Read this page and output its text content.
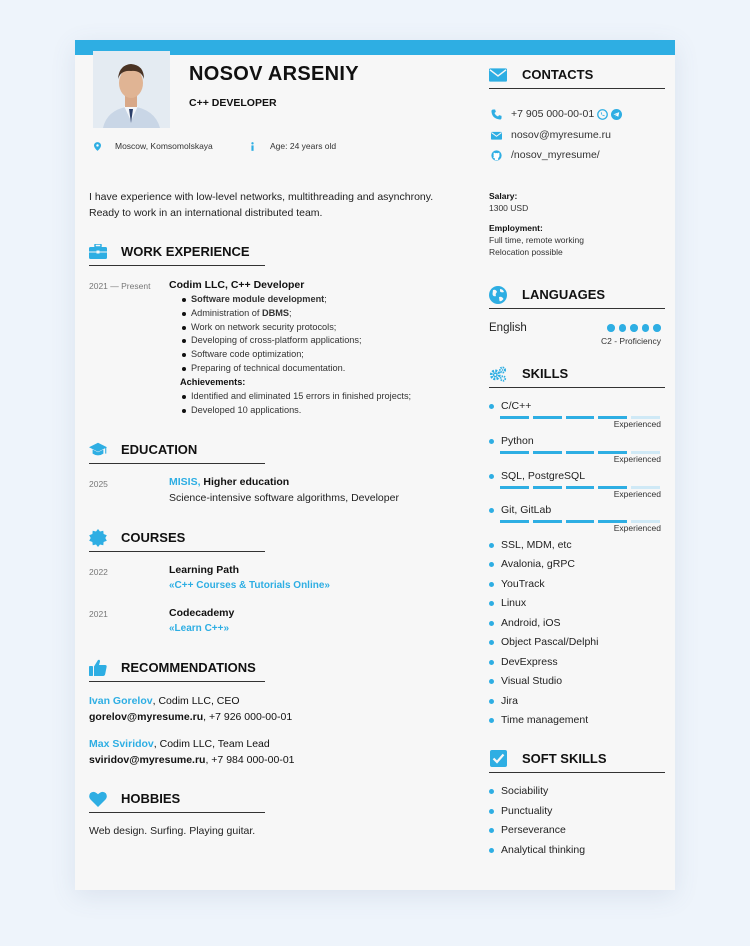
NOSOV ARSENIY
C++ DEVELOPER
Moscow, Komsomolskaya	Age: 24 years old
I have experience with low-level networks, multithreading and asynchrony. Ready to work in an international distributed team.
WORK EXPERIENCE
2021 — Present Codim LLC, C++ Developer
Software module development;
Administration of DBMS;
Work on network security protocols;
Developing of cross-platform applications;
Software code optimization;
Preparing of technical documentation.
Achievements:
Identified and eliminated 15 errors in finished projects;
Developed 10 applications.
EDUCATION
2025	MISIS, Higher education
Science-intensive software algorithms, Developer
COURSES
2022	Learning Path
«C++ Courses & Tutorials Online»
2021	Codecademy
«Learn C++»
RECOMMENDATIONS
Ivan Gorelov, Codim LLC, CEO
gorelov@myresume.ru, +7 926 000-00-01
Max Sviridov, Codim LLC, Team Lead
sviridov@myresume.ru, +7 984 000-00-01
HOBBIES
Web design. Surfing. Playing guitar.
CONTACTS
+7 905 000-00-01
nosov@myresume.ru
/nosov_myresume/
Salary:
1300 USD
Employment:
Full time, remote working
Relocation possible
LANGUAGES
English
C2 - Proficiency
SKILLS
C/C++
Experienced
Python
Experienced
SQL, PostgreSQL
Experienced
Git, GitLab
Experienced
SSL, MDM, etc
Avalonia, gRPC
YouTrack
Linux
Android, iOS
Object Pascal/Delphi
DevExpress
Visual Studio
Jira
Time management
SOFT SKILLS
Sociability
Punctuality
Perseverance
Analytical thinking
